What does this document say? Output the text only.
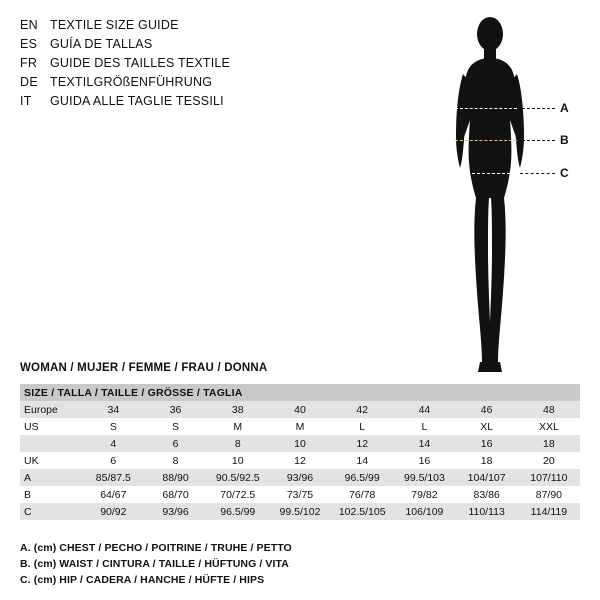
EN TEXTILE SIZE GUIDE
ES	GUÍA DE TALLAS
FR	GUIDE DES TAILLES TEXTILE
DE TEXTILGRÖßENFÜHRUNG
IT	GUIDA ALLE TAGLIE TESSILI	A
B
C
WOMAN / MUJER / FEMME / FRAU / DONNA
SIZE / TALLA / TAILLE / GRÖSSE / TAGLIA								
Europe	34	36	38	40	42	44	46	48
US	S	S	M	M	L	L	XL	XXL
	4	6	8	10	12	14	16	18
UK	6	8	10	12	14	16	18	20
A	85/87.5	88/90	90.5/92.5	93/96	96.5/99	99.5/103	104/107	107/110
B	64/67	68/70	70/72.5	73/75	76/78	79/82	83/86	87/90
C	90/92	93/96	96.5/99	99.5/102	102.5/105	106/109	110/113	114/119
A. (cm) CHEST / PECHO / POITRINE / TRUHE / PETTO
B. (cm) WAIST / CINTURA / TAILLE / HÜFTUNG / VITA
C. (cm) HIP / CADERA / HANCHE / HÜFTE / HIPS
